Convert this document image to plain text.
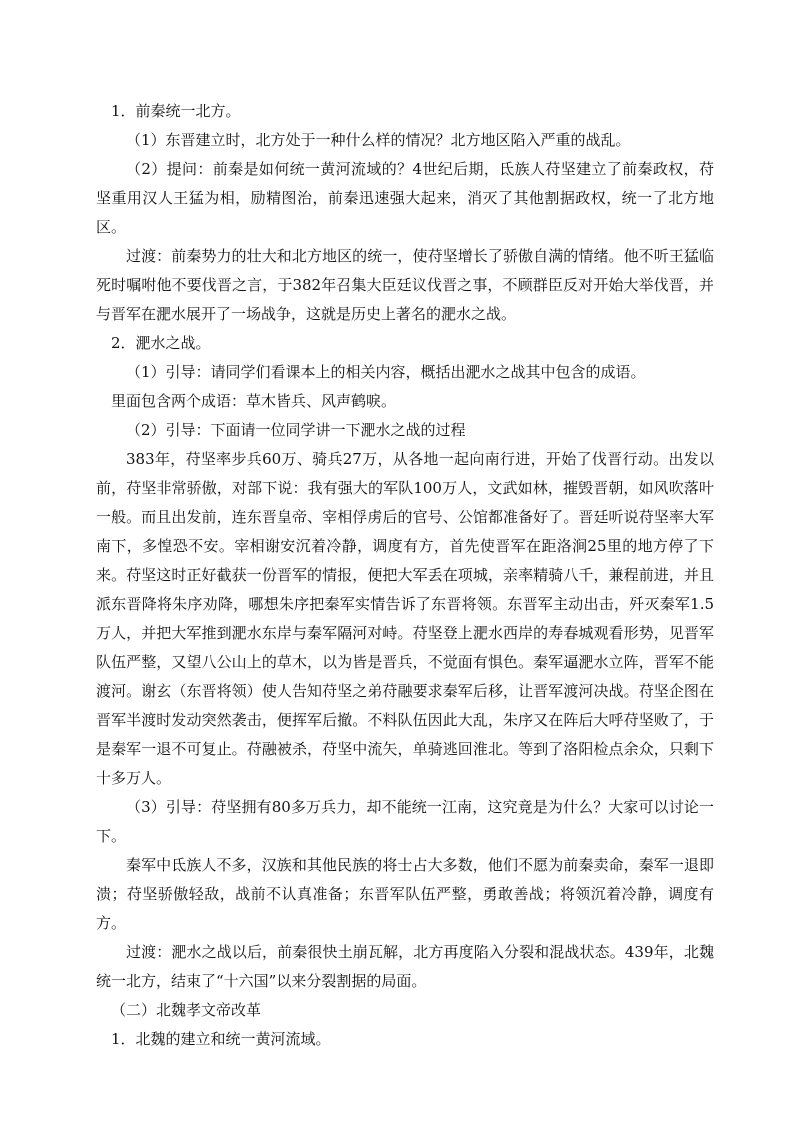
1．前秦统一北方。

（1）东晋建立时，北方处于一种什么样的情况？北方地区陷入严重的战乱。

（2）提问：前秦是如何统一黄河流域的？4世纪后期，氐族人苻坚建立了前秦政权，苻坚重用汉人王猛为相，励精图治，前秦迅速强大起来，消灭了其他割据政权，统一了北方地区。

过渡：前秦势力的壮大和北方地区的统一，使苻坚增长了骄傲自满的情绪。他不听王猛临死时嘱咐他不要伐晋之言，于382年召集大臣廷议伐晋之事，不顾群臣反对开始大举伐晋，并与晋军在淝水展开了一场战争，这就是历史上著名的淝水之战。

2．淝水之战。

（1）引导：请同学们看课本上的相关内容，概括出淝水之战其中包含的成语。

里面包含两个成语：草木皆兵、风声鹤唳。

（2）引导：下面请一位同学讲一下淝水之战的过程

383年，苻坚率步兵60万、骑兵27万，从各地一起向南行进，开始了伐晋行动。出发以前，苻坚非常骄傲，对部下说：我有强大的军队100万人，文武如林，摧毁晋朝，如风吹落叶一般。而且出发前，连东晋皇帝、宰相俘虏后的官号、公馆都准备好了。晋廷听说苻坚率大军南下，多惶恐不安。宰相谢安沉着冷静，调度有方，首先使晋军在距洛涧25里的地方停了下来。苻坚这时正好截获一份晋军的情报，便把大军丢在项城，亲率精骑八千，兼程前进，并且派东晋降将朱序劝降，哪想朱序把秦军实情告诉了东晋将领。东晋军主动出击，歼灭秦军1.5万人，并把大军推到淝水东岸与秦军隔河对峙。苻坚登上淝水西岸的寿春城观看形势，见晋军队伍严整，又望八公山上的草木，以为皆是晋兵，不觉面有惧色。秦军逼淝水立阵，晋军不能渡河。谢玄（东晋将领）使人告知苻坚之弟苻融要求秦军后移，让晋军渡河决战。苻坚企图在晋军半渡时发动突然袭击，便挥军后撤。不料队伍因此大乱，朱序又在阵后大呼苻坚败了，于是秦军一退不可复止。苻融被杀，苻坚中流矢，单骑逃回淮北。等到了洛阳检点余众，只剩下十多万人。

（3）引导：苻坚拥有80多万兵力，却不能统一江南，这究竟是为什么？大家可以讨论一下。

秦军中氐族人不多，汉族和其他民族的将士占大多数，他们不愿为前秦卖命，秦军一退即溃；苻坚骄傲轻敌，战前不认真准备；东晋军队伍严整，勇敢善战；将领沉着冷静，调度有方。

过渡：淝水之战以后，前秦很快土崩瓦解，北方再度陷入分裂和混战状态。439年，北魏统一北方，结束了“十六国”以来分裂割据的局面。

（二）北魏孝文帝改革

1．北魏的建立和统一黄河流域。
